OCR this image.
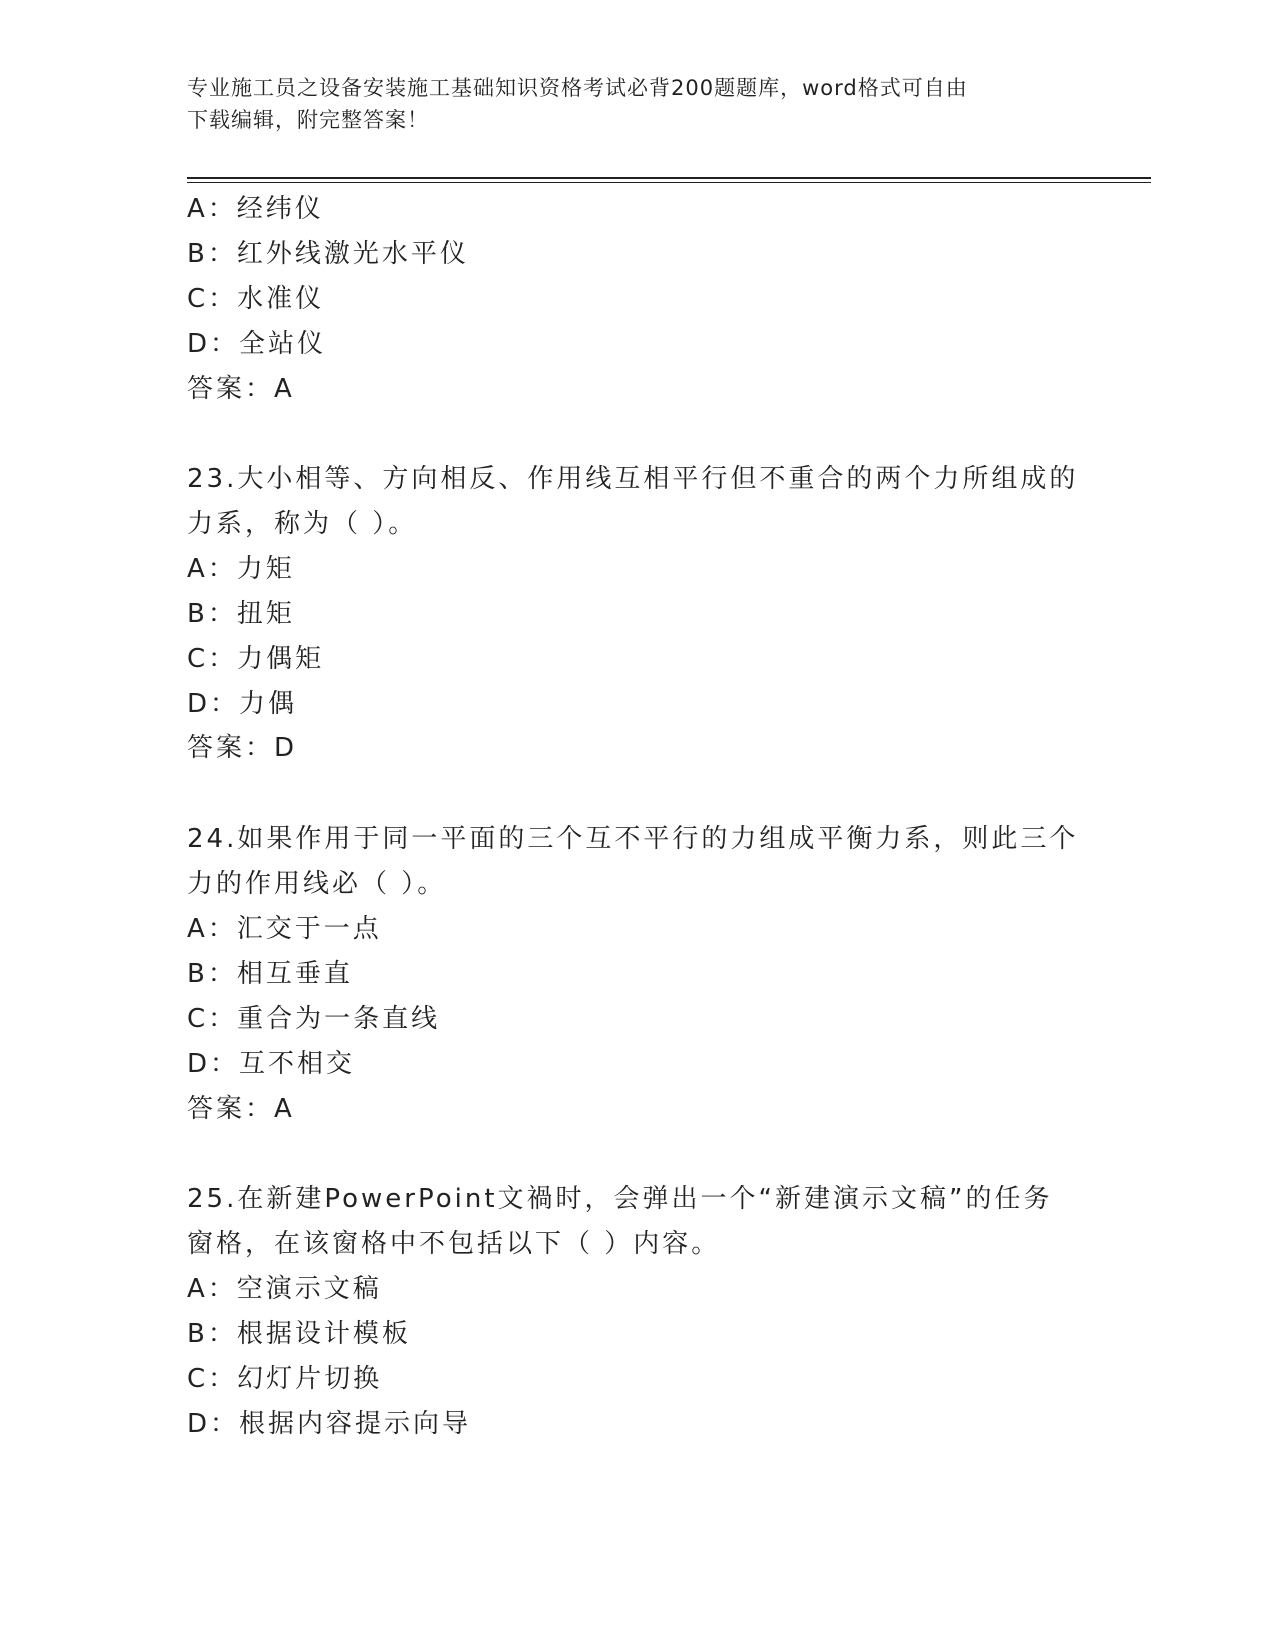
专业施工员之设备安装施工基础知识资格考试必背200题题库，word格式可自由
下载编辑，附完整答案！
A：经纬仪
B：红外线激光水平仪
C：水准仪
D：全站仪
答案：A
23.大小相等、方向相反、作用线互相平行但不重合的两个力所组成的
力系，称为（ ）。
A：力矩
B：扭矩
C：力偶矩
D：力偶
答案：D
24.如果作用于同一平面的三个互不平行的力组成平衡力系，则此三个
力的作用线必（ ）。
A：汇交于一点
B：相互垂直
C：重合为一条直线
D：互不相交
答案：A
25.在新建PowerPoint文禍时，会弹出一个“新建演示文稿”的任务
窗格，在该窗格中不包括以下（ ）内容。
A：空演示文稿
B：根据设计模板
C：幻灯片切换
D：根据内容提示向导
